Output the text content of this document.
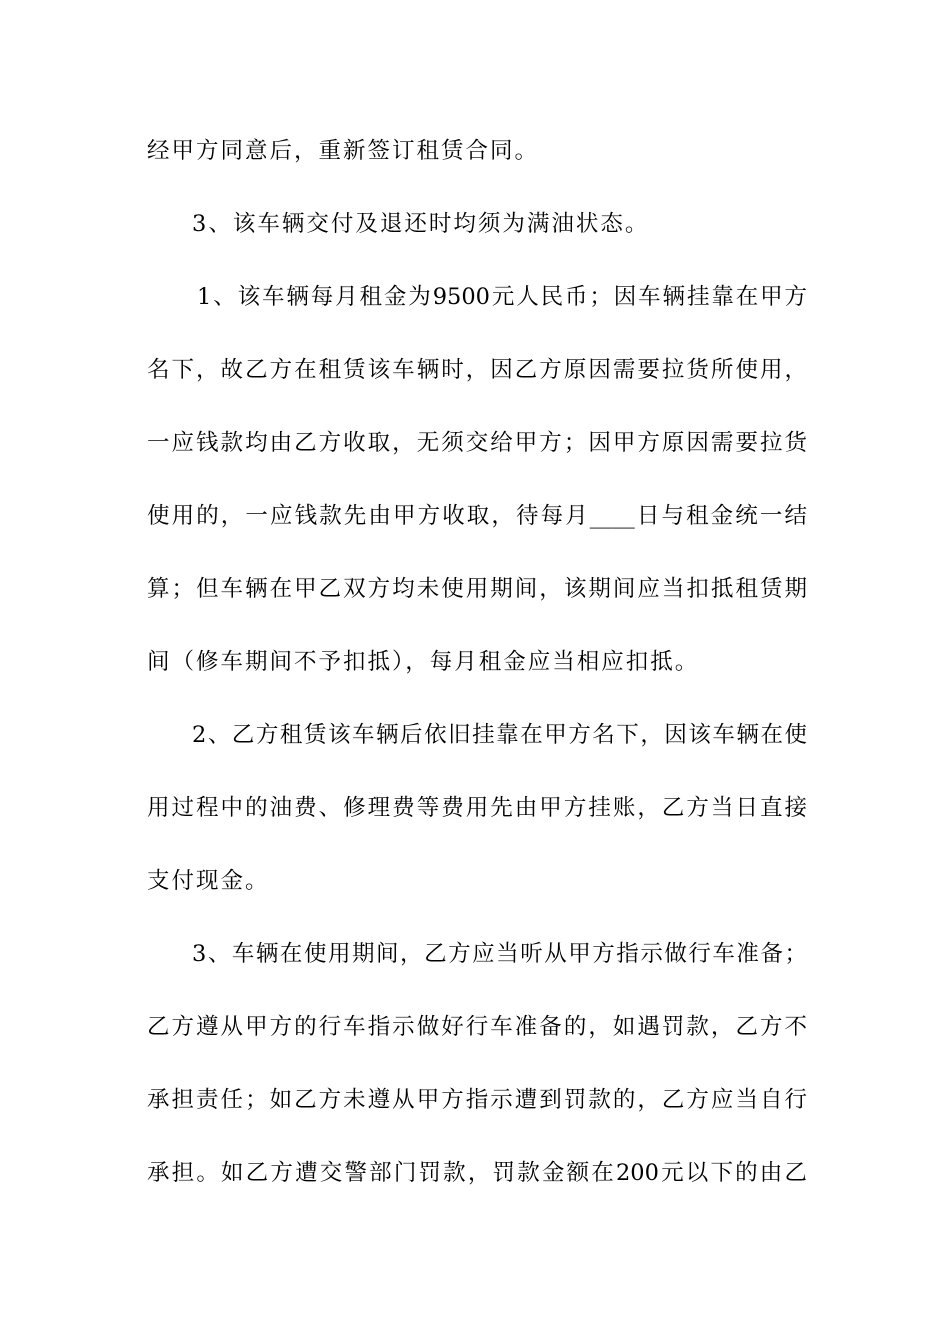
经甲方同意后，重新签订租赁合同。
3、该车辆交付及退还时均须为满油状态。
1、该车辆每月租金为9500元人民币；因车辆挂靠在甲方
名下，故乙方在租赁该车辆时，因乙方原因需要拉货所使用，
一应钱款均由乙方收取，无须交给甲方；因甲方原因需要拉货
使用的，一应钱款先由甲方收取，待每月____日与租金统一结
算；但车辆在甲乙双方均未使用期间，该期间应当扣抵租赁期
间（修车期间不予扣抵），每月租金应当相应扣抵。
2、乙方租赁该车辆后依旧挂靠在甲方名下，因该车辆在使
用过程中的油费、修理费等费用先由甲方挂账，乙方当日直接
支付现金。
3、车辆在使用期间，乙方应当听从甲方指示做行车准备；
乙方遵从甲方的行车指示做好行车准备的，如遇罚款，乙方不
承担责任；如乙方未遵从甲方指示遭到罚款的，乙方应当自行
承担。如乙方遭交警部门罚款，罚款金额在200元以下的由乙
